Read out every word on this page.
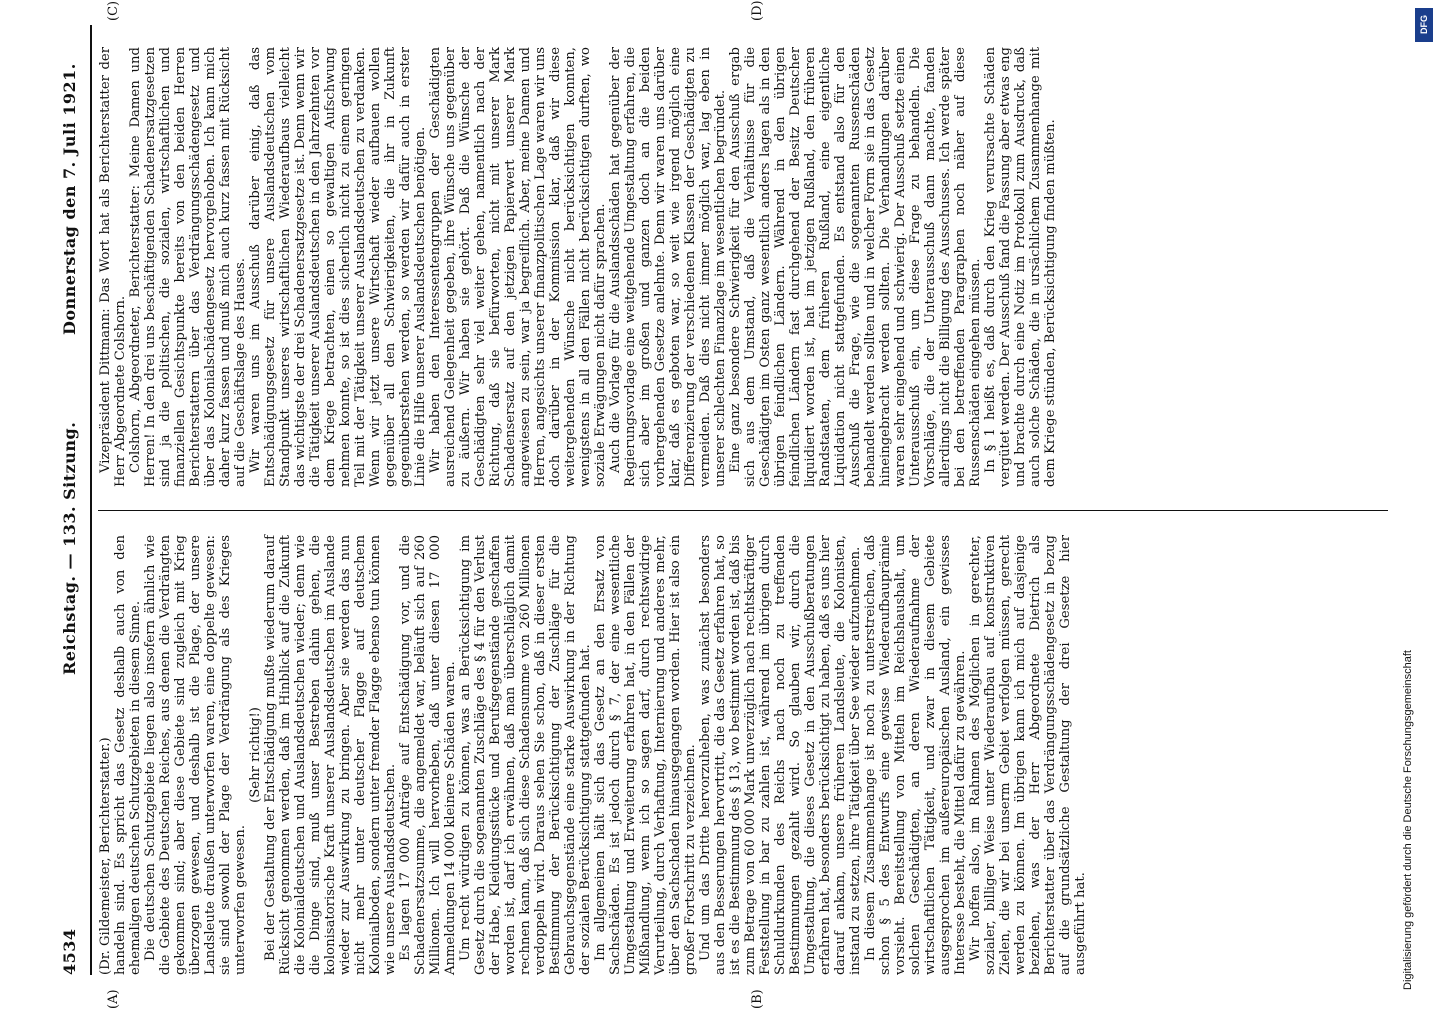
4534
Reichstag. — 133. Sitzung.
Donnerstag den 7. Juli 1921.
(A)	(B)
(C)	(D)

(Dr. Gildemeister, Berichterstatter.) handeln sind. Es spricht das Gesetz deshalb auch von den ehemaligen deutschen Schutzgebieten in diesem Sinne. Die deutschen Schutzgebiete liegen also insofern ähnlich wie die Gebiete des Deutschen Reiches, aus denen die Verdrängten gekommen sind; aber diese Gebiete sind zugleich mit Krieg überzogen gewesen, und deshalb ist die Plage, der unsere Landsleute draußen unterworfen waren, eine doppelte gewesen: sie sind sowohl der Plage der Verdrängung als des Krieges unterworfen gewesen.

(Sehr richtig!) Bei der Gestaltung der Entschädigung mußte wiederum darauf Rücksicht genommen werden, daß im Hinblick auf die Zukunft die Kolonialdeutschen und Auslandsdeutschen wieder; denn wie die Dinge sind, muß unser Bestreben dahin gehen, die kolonisatorische Kraft unserer Auslandsdeutschen im Auslande wieder zur Auswirkung zu bringen. Aber sie werden das nun nicht mehr unter deutscher Flagge auf deutschem Kolonialboden, sondern unter fremder Flagge ebenso tun können wie unsere Auslandsdeutschen. Es lagen 17 000 Anträge auf Entschädigung vor, und die Schadenersatzsumme, die angemeldet war, beläuft sich auf 260 Millionen. Ich will hervorheben, daß unter diesen 17 000 Anmeldungen 14 000 kleinere Schäden waren. Um recht würdigen zu können, was an Berücksichtigung im Gesetz durch die sogenannten Zuschläge des § 4 für den Verlust der Habe, Kleidungsstücke und Berufsgegenstände geschaffen worden ist, darf ich erwähnen, daß man überschläglich damit rechnen kann, daß sich diese Schadensumme von 260 Millionen verdoppeln wird. Daraus sehen Sie schon, daß in dieser ersten Bestimmung der Berücksichtigung der Zuschläge für die Gebrauchsgegenstände eine starke Auswirkung in der Richtung der sozialen Berücksichtigung stattgefunden hat. Im allgemeinen hält sich das Gesetz an den Ersatz von Sachschäden. Es ist jedoch durch § 7, der eine wesentliche Umgestaltung und Erweiterung erfahren hat, in den Fällen der Mißhandlung, wenn ich so sagen darf, durch rechtswidrige Verurteilung, durch Verhaftung, Internierung und anderes mehr, über den Sachschaden hinausgegangen worden. Hier ist also ein großer Fortschritt zu verzeichnen. Und um das Dritte hervorzuheben, was zunächst besonders aus den Besserungen hervortritt, die das Gesetz erfahren hat, so ist es die Bestimmung des § 13, wo bestimmt worden ist, daß bis zum Betrage von 60 000 Mark unverzüglich nach rechtskräftiger Feststellung in bar zu zahlen ist, während im übrigen durch Schuldurkunden des Reichs nach noch zu treffenden Bestimmungen gezahlt wird. So glauben wir, durch die Umgestaltung, die dieses Gesetz in den Ausschußberatungen erfahren hat, besonders berücksichtigt zu haben, daß es uns hier darauf ankam, unsere früheren Landsleute, die Kolonisten, instand zu setzen, ihre Tätigkeit über See wieder aufzunehmen. In diesem Zusammenhange ist noch zu unterstreichen, daß schon § 5 des Entwurfs eine gewisse Wiederaufbauprämie vorsieht. Bereitstellung von Mitteln im Reichshaushalt, um solchen Geschädigten, an deren Wiederaufnahme der wirtschaftlichen Tätigkeit, und zwar in diesem Gebiete ausgesprochen im außereuropäischen Ausland, ein gewisses Interesse besteht, die Mittel dafür zu gewähren. Wir hoffen also, im Rahmen des Möglichen in gerechter, sozialer, billiger Weise unter Wiederaufbau auf konstruktiven Zielen, die wir bei unserm Gebiet verfolgen müssen, gerecht werden zu können. Im übrigen kann ich mich auf dasjenige beziehen, was der Herr Abgeordnete Dietrich als Berichterstatter über das Verdrängungsschädengesetz in bezug auf die grundsätzliche Gestaltung der drei Gesetze hier ausgeführt hat.

Vizepräsident Dittmann: Das Wort hat als Berichterstatter der Herr Abgeordnete Colshorn. Colshorn, Abgeordneter, Berichterstatter: Meine Damen und Herren! In den drei uns beschäftigenden Schadenersatzgesetzen sind ja die politischen, die sozialen, wirtschaftlichen und finanziellen Gesichtspunkte bereits von den beiden Herren Berichterstattern über das Verdrängungsschädengesetz und über das Kolonialschädengesetz hervorgehoben. Ich kann mich daher kurz fassen und muß mich auch kurz fassen mit Rücksicht auf die Geschäftslage des Hauses. Wir waren uns im Ausschuß darüber einig, daß das Entschädigungsgesetz für unsere Auslandsdeutschen vom Standpunkt unseres wirtschaftlichen Wiederaufbaus vielleicht das wichtigste der drei Schadenersatzgesetze ist. Denn wenn wir die Tätigkeit unserer Auslandsdeutschen in den Jahrzehnten vor dem Kriege betrachten, einen so gewaltigen Aufschwung nehmen konnte, so ist dies sicherlich nicht zu einem geringen Teil mit der Tätigkeit unserer Auslandsdeutschen zu verdanken. Wenn wir jetzt unsere Wirtschaft wieder aufbauen wollen gegenüber all den Schwierigkeiten, die ihr in Zukunft gegenüberstehen werden, so werden wir dafür auch in erster Linie die Hilfe unserer Auslandsdeutschen benötigen. Wir haben den Interessentengruppen der Geschädigten ausreichend Gelegenheit gegeben, ihre Wünsche uns gegenüber zu äußern. Wir haben sie gehört. Daß die Wünsche der Geschädigten sehr viel weiter gehen, namentlich nach der Richtung, daß sie befürworten, nicht mit unserer Mark Schadensersatz auf den jetzigen Papierwert unserer Mark angewiesen zu sein, war ja begreiflich. Aber, meine Damen und Herren, angesichts unserer finanzpolitischen Lage waren wir uns doch darüber in der Kommission klar, daß wir diese weitergehenden Wünsche nicht berücksichtigen konnten, wenigstens in all den Fällen nicht berücksichtigen durften, wo soziale Erwägungen nicht dafür sprachen. Auch die Vorlage für die Auslandsschäden hat gegenüber der Regierungsvorlage eine weitgehende Umgestaltung erfahren, die sich aber im großen und ganzen doch an die beiden vorhergehenden Gesetze anlehnte. Denn wir waren uns darüber klar, daß es geboten war, so weit wie irgend möglich eine Differenzierung der verschiedenen Klassen der Geschädigten zu vermeiden. Daß dies nicht immer möglich war, lag eben in unserer schlechten Finanzlage im wesentlichen begründet. Eine ganz besondere Schwierigkeit für den Ausschuß ergab sich aus dem Umstand, daß die Verhältnisse für die Geschädigten im Osten ganz wesentlich anders lagen als in den übrigen feindlichen Ländern. Während in den übrigen feindlichen Ländern fast durchgehend der Besitz Deutscher liquidiert worden ist, hat im jetzigen Rußland, den früheren Randstaaten, dem früheren Rußland, eine eigentliche Liquidation nicht stattgefunden. Es entstand also für den Ausschuß die Frage, wie die sogenannten Russenschäden behandelt werden sollten und in welcher Form sie in das Gesetz hineingebracht werden sollten. Die Verhandlungen darüber waren sehr eingehend und schwierig. Der Ausschuß setzte einen Unterausschuß ein, um diese Frage zu behandeln. Die Vorschläge, die der Unterausschuß dann machte, fanden allerdings nicht die Billigung des Ausschusses. Ich werde später bei den betreffenden Paragraphen noch näher auf diese Russenschäden eingehen müssen. In § 1 heißt es, daß durch den Krieg verursachte Schäden vergütet werden. Der Ausschuß fand die Fassung aber etwas eng und brachte durch eine Notiz im Protokoll zum Ausdruck, daß auch solche Schäden, die in ursächlichem Zusammenhange mit dem Kriege stünden, Berücksichtigung finden müßten.

DFG
Digitalisierung gefördert durch die Deutsche Forschungsgemeinschaft
